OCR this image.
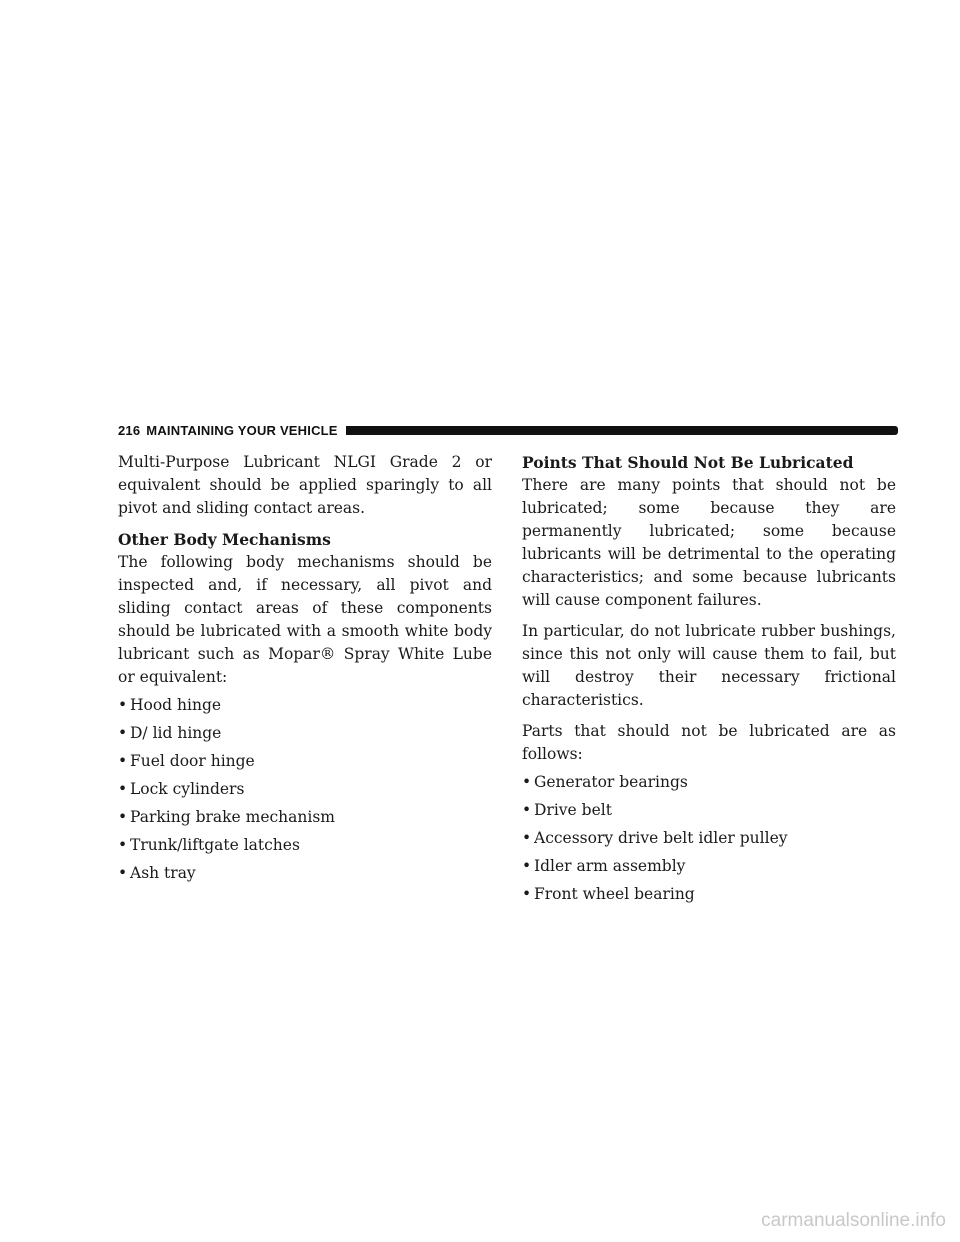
216 MAINTAINING YOUR VEHICLE

Multi-Purpose Lubricant NLGI Grade 2 or equivalent should be applied sparingly to all pivot and sliding contact areas.

Other Body Mechanisms

The following body mechanisms should be inspected and, if necessary, all pivot and sliding contact areas of these components should be lubricated with a smooth white body lubricant such as Mopar® Spray White Lube or equivalent:

• Hood hinge
• D/ lid hinge
• Fuel door hinge
• Lock cylinders
• Parking brake mechanism
• Trunk/liftgate latches
• Ash tray
Points That Should Not Be Lubricated

There are many points that should not be lubricated; some because they are permanently lubricated; some because lubricants will be detrimental to the operating characteristics; and some because lubricants will cause component failures.

In particular, do not lubricate rubber bushings, since this not only will cause them to fail, but will destroy their necessary frictional characteristics.

Parts that should not be lubricated are as follows:

• Generator bearings
• Drive belt
• Accessory drive belt idler pulley
• Idler arm assembly
• Front wheel bearing
carmanualsonline.info
